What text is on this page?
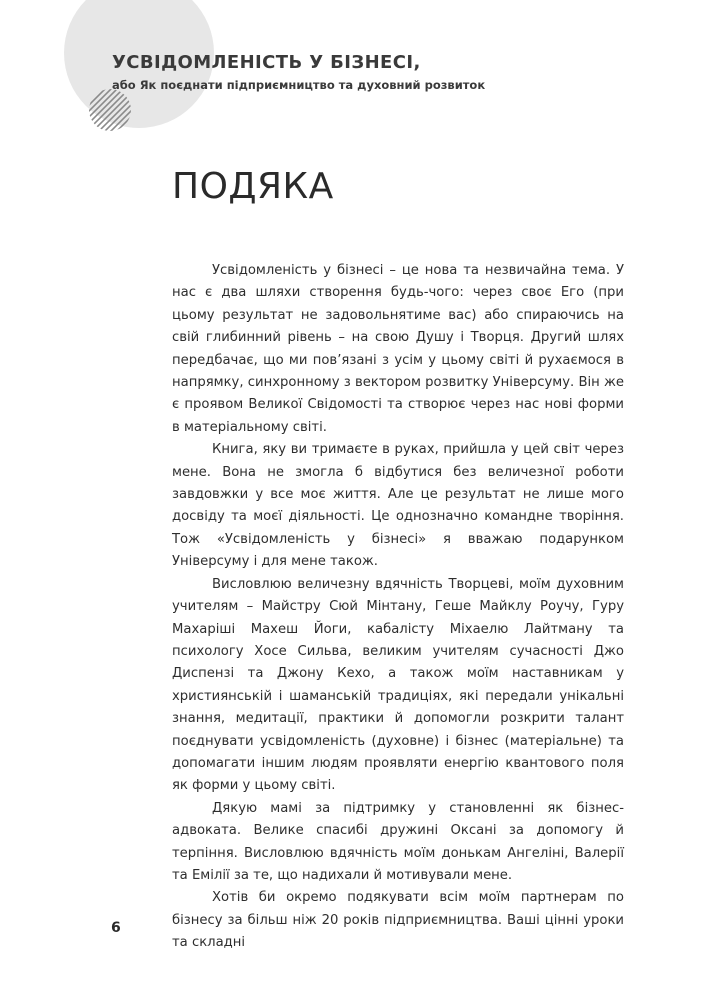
УСВІДОМЛЕНІСТЬ У БІЗНЕСІ,
або Як поєднати підприємництво та духовний розвиток
ПОДЯКА

Усвідомленість у бізнесі – це нова та незвичайна тема. У нас є два шляхи створення будь-чого: через своє Его (при цьому результат не задовольнятиме вас) або спираючись на свій глибинний рівень – на свою Душу і Творця. Другий шлях передбачає, що ми пов’язані з усім у цьому світі й рухаємося в напрямку, синхронному з вектором розвитку Універсуму. Він же є проявом Великої Свідомості та створює через нас нові форми в матеріальному світі.

Книга, яку ви тримаєте в руках, прийшла у цей світ через мене. Вона не змогла б відбутися без величезної роботи завдовжки у все моє життя. Але це результат не лише мого досвіду та моєї діяльності. Це однозначно командне творіння. Тож «Усвідомленість у бізнесі» я вважаю подарунком Універсуму і для мене також.

Висловлюю величезну вдячність Творцеві, моїм духовним учителям – Майстру Сюй Мінтану, Геше Майклу Роучу, Гуру Махаріші Махеш Йоги, кабалісту Міхаелю Лайтману та психологу Хосе Сильва, великим учителям сучасності Джо Диспензі та Джону Кехо, а також моїм наставникам у християнській і шаманській традиціях, які передали унікальні знання, медитації, практики й допомогли розкрити талант поєднувати усвідомленість (духовне) і бізнес (матеріальне) та допомагати іншим людям проявляти енергію квантового поля як форми у цьому світі.

Дякую мамі за підтримку у становленні як бізнес-адвоката. Велике спасибі дружині Оксані за допомогу й терпіння. Висловлюю вдячність моїм донькам Ангеліні, Валерії та Емілії за те, що надихали й мотивували мене.

Хотів би окремо подякувати всім моїм партнерам по бізнесу за більш ніж 20 років підприємництва. Ваші цінні уроки та складні

6
